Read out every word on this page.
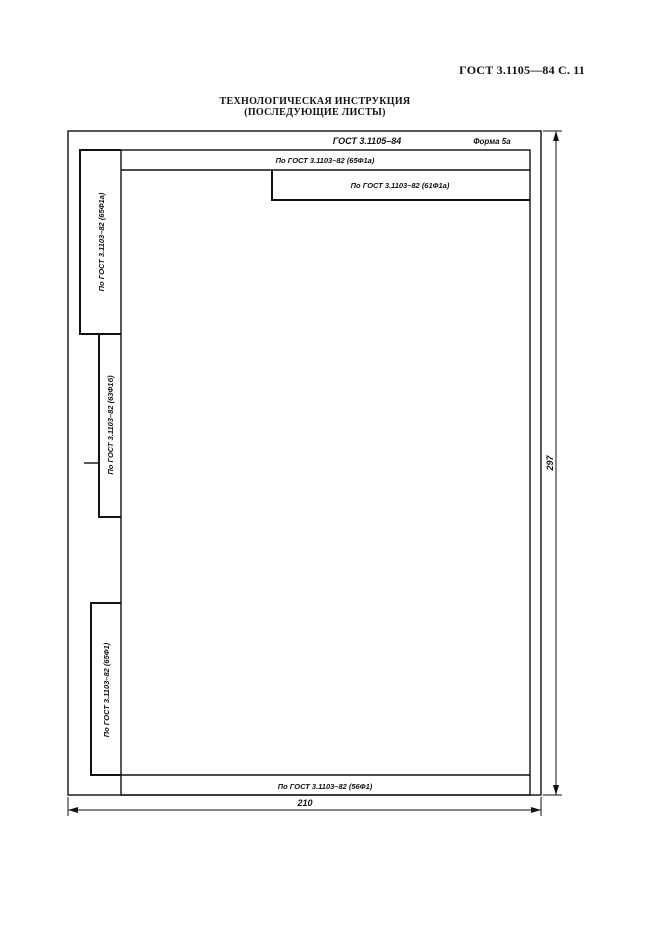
ГОСТ 3.1105—84 С. 11
ТЕХНОЛОГИЧЕСКАЯ ИНСТРУКЦИЯ
(ПОСЛЕДУЮЩИЕ ЛИСТЫ)
ГОСТ 3.1105–84	Форма 5а
По ГОСТ 3.1103–82 (65Ф1а)
По ГОСТ 3.1103–82 (61Ф1а)
По ГОСТ 3.1103–82 (56Ф1)
По ГОСТ 3.1103–82 (65Ф1а)
По ГОСТ 3.1103–82 (63Ф1б)
По ГОСТ 3.1103–82 (65Ф1)
210
297
